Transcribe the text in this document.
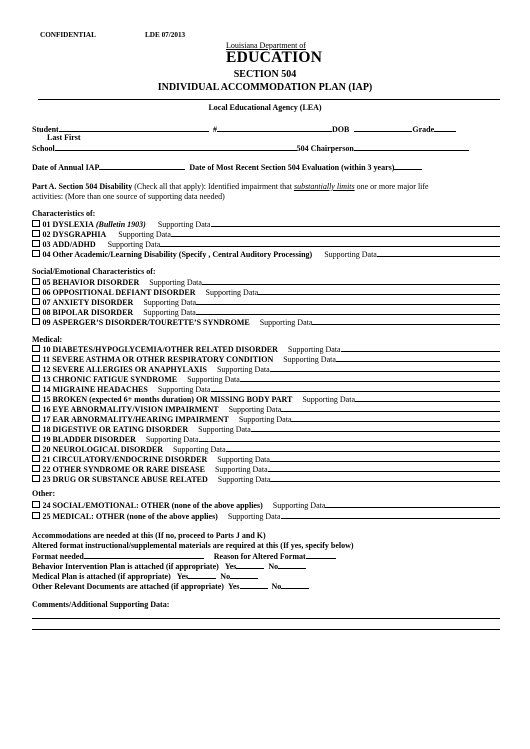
CONFIDENTIAL	LDE 07/2013
Louisiana Department of
EDUCATION
SECTION 504
INDIVIDUAL ACCOMMODATION PLAN (IAP)
Local Educational Agency (LEA)
Student	#	DOB	Grade
Last First
School	504 Chairperson
Date of Annual IAP	Date of Most Recent Section 504 Evaluation (within 3 years)
Part A. Section 504 Disability (Check all that apply): Identified impairment that substantially limits one or more major life
activities: (More than one source of supporting data needed)
Characteristics of:
01 DYSLEXIA (Bulletin 1903) Supporting Data
02 DYSGRAPHIA Supporting Data
03 ADD/ADHD Supporting Data
04 Other Academic/Learning Disability (Specify , Central Auditory Processing) Supporting Data
Social/Emotional Characteristics of:
05 BEHAVIOR DISORDER Supporting Data
06 OPPOSITIONAL DEFIANT DISORDER Supporting Data
07 ANXIETY DISORDER Supporting Data
08 BIPOLAR DISORDER Supporting Data
09 ASPERGER’S DISORDER/TOURETTE’S SYNDROME Supporting Data
Medical:
10 DIABETES/HYPOGLYCEMIA/OTHER RELATED DISORDER Supporting Data
11 SEVERE ASTHMA OR OTHER RESPIRATORY CONDITION Supporting Data
12 SEVERE ALLERGIES OR ANAPHYLAXIS Supporting Data
13 CHRONIC FATIGUE SYNDROME Supporting Data
14 MIGRAINE HEADACHES Supporting Data
15 BROKEN (expected 6+ months duration) OR MISSING BODY PART Supporting Data
16 EYE ABNORMALITY/VISION IMPAIRMENT Supporting Data
17 EAR ABNORMALITY/HEARING IMPAIRMENT Supporting Data
18 DIGESTIVE OR EATING DISORDER Supporting Data
19 BLADDER DISORDER Supporting Data
20 NEUROLOGICAL DISORDER Supporting Data
21 CIRCULATORY/ENDOCRINE DISORDER Supporting Data
22 OTHER SYNDROME OR RARE DISEASE Supporting Data
23 DRUG OR SUBSTANCE ABUSE RELATED Supporting Data
Other:
24 SOCIAL/EMOTIONAL: OTHER (none of the above applies) Supporting Data
25 MEDICAL: OTHER (none of the above applies) Supporting Data
Accommodations are needed at this (If no, proceed to Parts J and K)
Altered format instructional/supplemental materials are required at this (If yes, specify below)
Format needed	Reason for Altered Format
Behavior Intervention Plan is attached (if appropriate) Yes	No
Medical Plan is attached (if appropriate) Yes	No
Other Relevant Documents are attached (if appropriate) Yes	No
Comments/Additional Supporting Data:
